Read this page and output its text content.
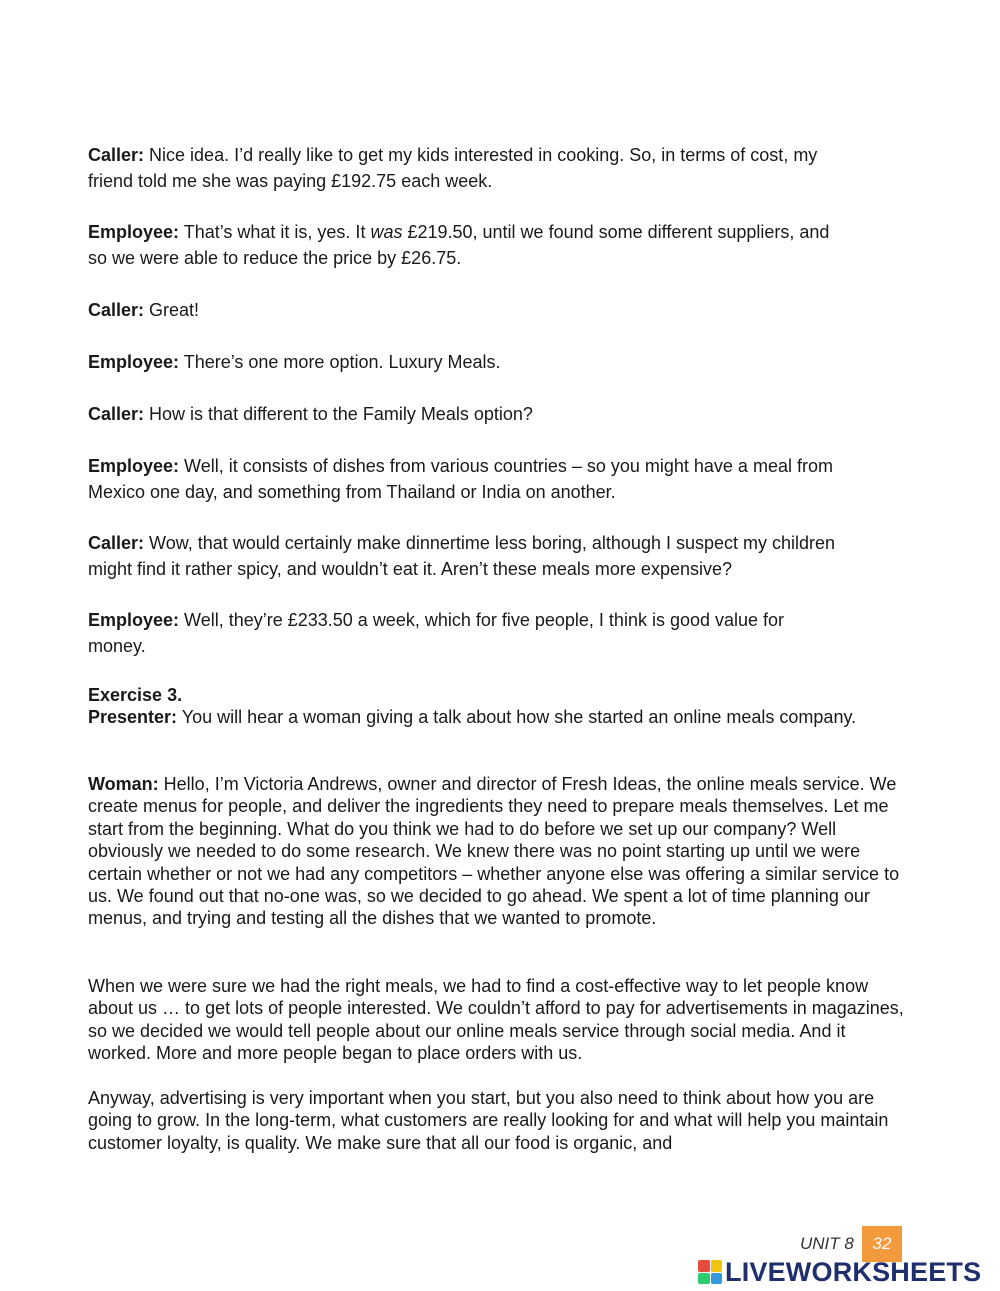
Caller: Nice idea. I’d really like to get my kids interested in cooking. So, in terms of cost, my
friend told me she was paying £192.75 each week.

Employee: That’s what it is, yes. It was £219.50, until we found some different suppliers, and
so we were able to reduce the price by £26.75.

Caller: Great!

Employee: There’s one more option. Luxury Meals.

Caller: How is that different to the Family Meals option?

Employee: Well, it consists of dishes from various countries – so you might have a meal from
Mexico one day, and something from Thailand or India on another.

Caller: Wow, that would certainly make dinnertime less boring, although I suspect my children
might find it rather spicy, and wouldn’t eat it. Aren’t these meals more expensive?

Employee: Well, they’re £233.50 a week, which for five people, I think is good value for
money.

Exercise 3.
Presenter: You will hear a woman giving a talk about how she started an online meals company.

Woman: Hello, I’m Victoria Andrews, owner and director of Fresh Ideas, the online meals service. We create menus for people, and deliver the ingredients they need to prepare meals themselves. Let me start from the beginning. What do you think we had to do before we set up our company? Well obviously we needed to do some research. We knew there was no point starting up until we were certain whether or not we had any competitors – whether anyone else was offering a similar service to us. We found out that no-one was, so we decided to go ahead. We spent a lot of time planning our menus, and trying and testing all the dishes that we wanted to promote.

When we were sure we had the right meals, we had to find a cost-effective way to let people know about us … to get lots of people interested. We couldn’t afford to pay for advertisements in magazines, so we decided we would tell people about our online meals service through social media. And it worked. More and more people began to place orders with us.

Anyway, advertising is very important when you start, but you also need to think about how you are going to grow. In the long-term, what customers are really looking for and what will help you maintain customer loyalty, is quality. We make sure that all our food is organic, and

UNIT 8	32
LIVEWORKSHEETS
